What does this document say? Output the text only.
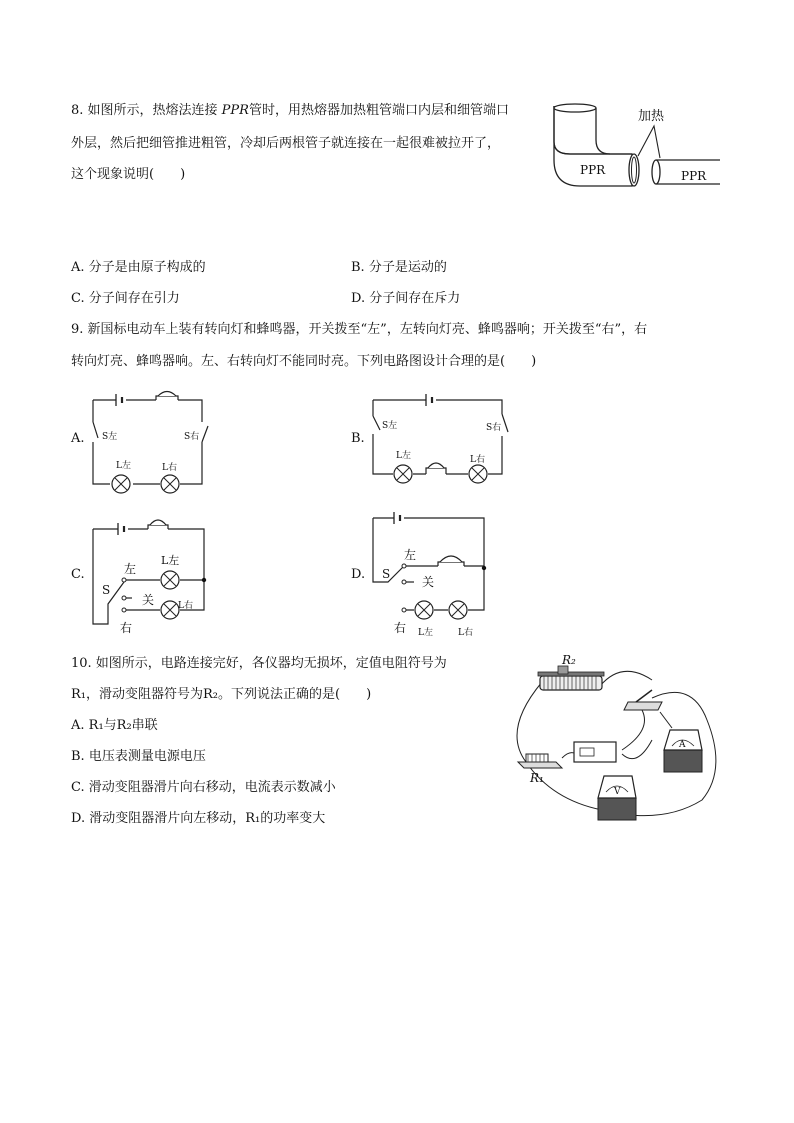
8. 如图所示，热熔法连接 PPR管时，用热熔器加热粗管端口内层和细管端口
外层，然后把细管推进粗管，冷却后两根管子就连接在一起很难被拉开了，
这个现象说明(　　)	PPR	PPR
加热
A. 分子是由原子构成的	B. 分子是运动的
C. 分子间存在引力	D. 分子间存在斥力
9. 新国标电动车上装有转向灯和蜂鸣器，开关拨至“左”，左转向灯亮、蜂鸣器响；开关拨至“右”，右
转向灯亮、蜂鸣器响。左、右转向灯不能同时亮。下列电路图设计合理的是(　　)
A. S左	S右
L左	L右
B.
S左	S右
L左	L右
C.
L左
L右
左
S
关
右
D.
左
S
关
右 L左	L右
10. 如图所示，电路连接完好，各仪器均无损坏，定值电阻符号为
R₁，滑动变阻器符号为R₂。下列说法正确的是(　　)
A. R₁与R₂串联
B. 电压表测量电源电压
C. 滑动变阻器滑片向右移动，电流表示数减小
D. 滑动变阻器滑片向左移动，R₁的功率变大
R₂
A
R₁
V
